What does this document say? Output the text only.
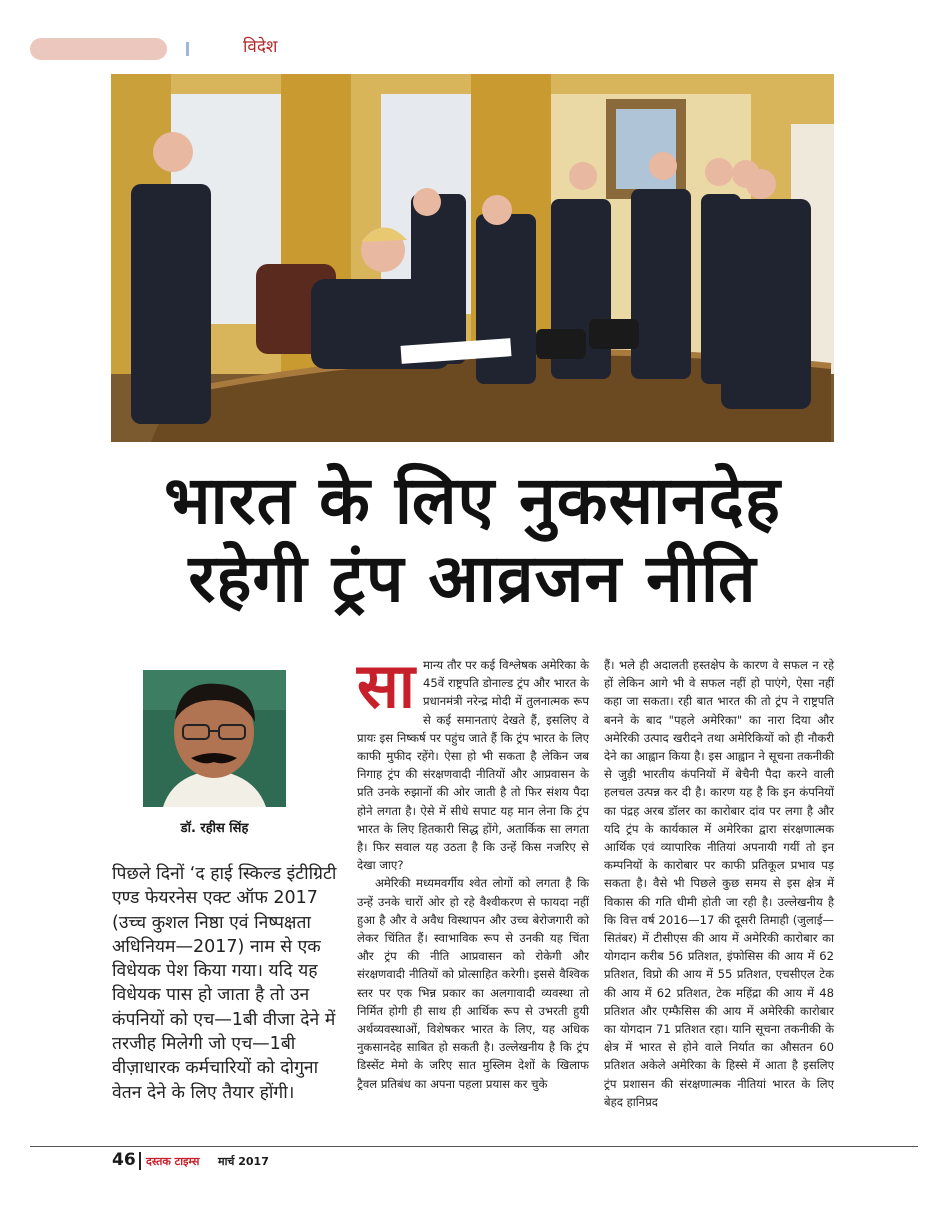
विदेश
भारत के लिए नुकसानदेह
रहेगी ट्रंप आव्रजन नीति
डॉ. रहीस सिंह
पिछले दिनों ‘द हाई स्किल्ड इंटीग्रिटी एण्ड फेयरनेस एक्ट ऑफ 2017 (उच्च कुशल निष्ठा एवं निष्पक्षता अधिनियम—2017) नाम से एक विधेयक पेश किया गया। यदि यह विधेयक पास हो जाता है तो उन कंपनियों को एच—1बी वीजा देने में तरजीह मिलेगी जो एच—1बी वीज़ाधारक कर्मचारियों को दोगुना वेतन देने के लिए तैयार होंगी।

सामान्य तौर पर कई विश्लेषक अमेरिका के 45वें राष्ट्रपति डोनाल्ड ट्रंप और भारत के प्रधानमंत्री नरेन्द्र मोदी में तुलनात्मक रूप से कई समानताएं देखते हैं, इसलिए वे प्रायः इस निष्कर्ष पर पहुंच जाते हैं कि ट्रंप भारत के लिए काफी मुफीद रहेंगे। ऐसा हो भी सकता है लेकिन जब निगाह ट्रंप की संरक्षणवादी नीतियों और आप्रवासन के प्रति उनके रुझानों की ओर जाती है तो फिर संशय पैदा होने लगता है। ऐसे में सीधे सपाट यह मान लेना कि ट्रंप भारत के लिए हितकारी सिद्ध होंगे, अतार्किक सा लगता है। फिर सवाल यह उठता है कि उन्हें किस नजरिए से देखा जाए?

अमेरिकी मध्यमवर्गीय श्वेत लोगों को लगता है कि उन्हें उनके चारों ओर हो रहे वैश्वीकरण से फायदा नहीं हुआ है और वे अवैध विस्थापन और उच्च बेरोजगारी को लेकर चिंतित हैं। स्वाभाविक रूप से उनकी यह चिंता और ट्रंप की नीति आप्रवासन को रोकेगी और संरक्षणवादी नीतियों को प्रोत्साहित करेगी। इससे वैश्विक स्तर पर एक भिन्न प्रकार का अलगावादी व्यवस्था तो निर्मित होगी ही साथ ही आर्थिक रूप से उभरती हुयी अर्थव्यवस्थाओं, विशेषकर भारत के लिए, यह अधिक नुकसानदेह साबित हो सकती है। उल्लेखनीय है कि ट्रंप डिस्सेंट मेमो के जरिए सात मुस्लिम देशों के खिलाफ ट्रैवल प्रतिबंध का अपना पहला प्रयास कर चुके

हैं। भले ही अदालती हस्तक्षेप के कारण वे सफल न रहे हों लेकिन आगे भी वे सफल नहीं हो पाएंगे, ऐसा नहीं कहा जा सकता। रही बात भारत की तो ट्रंप ने राष्ट्रपति बनने के बाद "पहले अमेरिका" का नारा दिया और अमेरिकी उत्पाद खरीदने तथा अमेरिकियों को ही नौकरी देने का आह्वान किया है। इस आह्वान ने सूचना तकनीकी से जुड़ी भारतीय कंपनियों में बेचैनी पैदा करने वाली हलचल उत्पन्न कर दी है। कारण यह है कि इन कंपनियों का पंद्रह अरब डॉलर का कारोबार दांव पर लगा है और यदि ट्रंप के कार्यकाल में अमेरिका द्वारा संरक्षणात्मक आर्थिक एवं व्यापारिक नीतियां अपनायी गयीं तो इन कम्पनियों के कारोबार पर काफी प्रतिकूल प्रभाव पड़ सकता है। वैसे भी पिछले कुछ समय से इस क्षेत्र में विकास की गति धीमी होती जा रही है। उल्लेखनीय है कि वित्त वर्ष 2016—17 की दूसरी तिमाही (जुलाई—सितंबर) में टीसीएस की आय में अमेरिकी कारोबार का योगदान करीब 56 प्रतिशत, इंफोसिस की आय में 62 प्रतिशत, विप्रो की आय में 55 प्रतिशत, एचसीएल टेक की आय में 62 प्रतिशत, टेक महिंद्रा की आय में 48 प्रतिशत और एम्फैसिस की आय में अमेरिकी कारोबार का योगदान 71 प्रतिशत रहा। यानि सूचना तकनीकी के क्षेत्र में भारत से होने वाले निर्यात का औसतन 60 प्रतिशत अकेले अमेरिका के हिस्से में आता है इसलिए ट्रंप प्रशासन की संरक्षणात्मक नीतियां भारत के लिए बेहद हानिप्रद

46 दस्तक टाइम्स मार्च 2017
